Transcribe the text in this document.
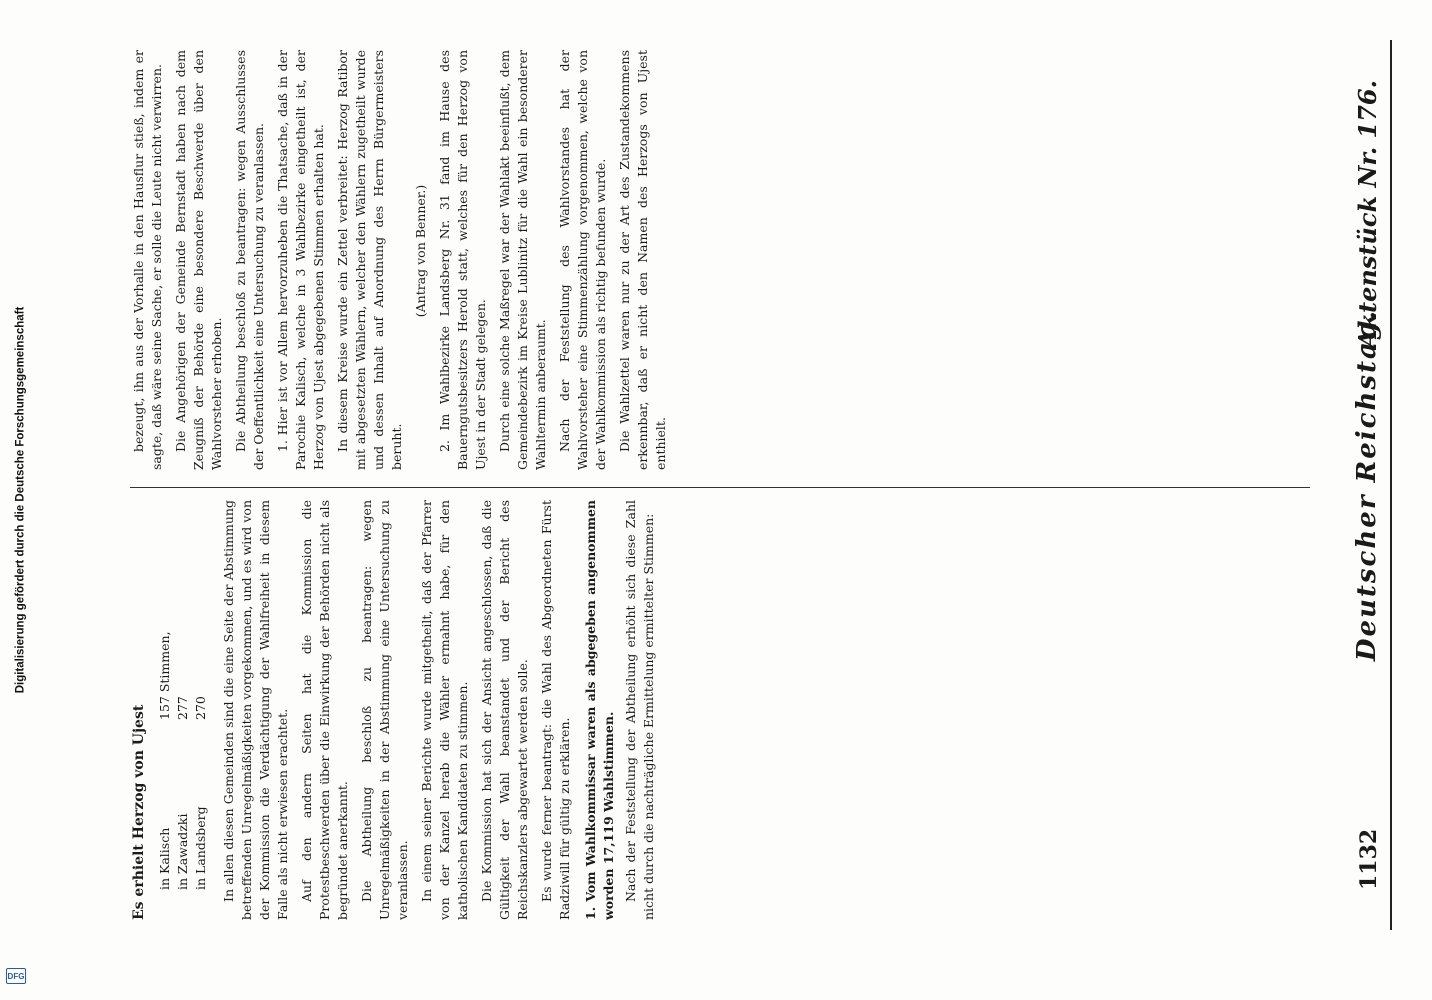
1132
Deutscher Reichstag.
Aktenstück Nr. 176.
Es erhielt Herzog von Ujest in Kalisch
157 Stimmen,
in Zawadzki
277
in Landsberg
270 In allen diesen Gemeinden sind die eine Seite der Abstimmung betreffenden Unregelmäßigkeiten vorgekommen, und es wird von der Kommission die Verdächtigung der Wahlfreiheit in diesem Falle als nicht erwiesen erachtet. Auf den andern Seiten hat die Kommission die Protestbeschwerden über die Einwirkung der Behörden nicht als begründet anerkannt. Die Abtheilung beschloß zu beantragen: wegen Unregelmäßigkeiten in der Abstimmung eine Untersuchung zu veranlassen. In einem seiner Berichte wurde mitgetheilt, daß der Pfarrer von der Kanzel herab die Wähler ermahnt habe, für den katholischen Kandidaten zu stimmen. Die Kommission hat sich der Ansicht angeschlossen, daß die Gültigkeit der Wahl beanstandet und der Bericht des Reichskanzlers abgewartet werden solle. Es wurde ferner beantragt: die Wahl des Abgeordneten Fürst Radziwill für gültig zu erklären. 1. Vom Wahlkommissar waren als abgegeben angenommen worden 17,119 Wahlstimmen. Nach der Feststellung der Abtheilung erhöht sich diese Zahl nicht durch die nachträgliche Ermittelung ermittelter Stimmen:

bezeugt, ihn aus der Vorhalle in den Hausflur stieß, indem er sagte, daß wäre seine Sache, er solle die Leute nicht verwirren. Die Angehörigen der Gemeinde Bernstadt haben nach dem Zeugniß der Behörde eine besondere Beschwerde über den Wahlvorsteher erhoben. Die Abtheilung beschloß zu beantragen: wegen Ausschlusses der Oeffentlichkeit eine Untersuchung zu veranlassen. 1. Hier ist vor Allem hervorzuheben die Thatsache, daß in der Parochie Kalisch, welche in 3 Wahlbezirke eingetheilt ist, der Herzog von Ujest abgegebenen Stimmen erhalten hat. In diesem Kreise wurde ein Zettel verbreitet: Herzog Ratibor mit abgesetzten Wählern, welcher den Wählern zugetheilt wurde und dessen Inhalt auf Anordnung des Herrn Bürgermeisters beruht.

(Antrag von Benner.) 2. Im Wahlbezirke Landsberg Nr. 31 fand im Hause des Bauerngutsbesitzers Herold statt, welches für den Herzog von Ujest in der Stadt gelegen. Durch eine solche Maßregel war der Wahlakt beeinflußt, dem Gemeindebezirk im Kreise Lublinitz für die Wahl ein besonderer Wahltermin anberaumt. Nach der Feststellung des Wahlvorstandes hat der Wahlvorsteher eine Stimmenzählung vorgenommen, welche von der Wahlkommission als richtig befunden wurde. Die Wahlzettel waren nur zu der Art des Zustandekommens erkennbar, daß er nicht den Namen des Herzogs von Ujest enthielt.

Digitalisierung gefördert durch die Deutsche Forschungsgemeinschaft
DFG
